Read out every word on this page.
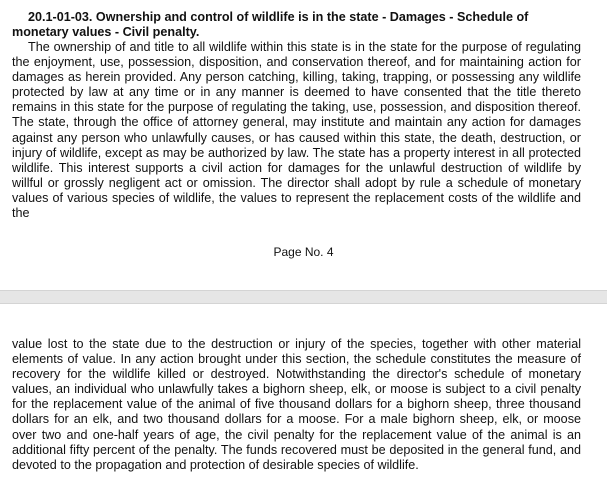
20.1-01-03. Ownership and control of wildlife is in the state - Damages - Schedule of monetary values - Civil penalty.
The ownership of and title to all wildlife within this state is in the state for the purpose of regulating the enjoyment, use, possession, disposition, and conservation thereof, and for maintaining action for damages as herein provided. Any person catching, killing, taking, trapping, or possessing any wildlife protected by law at any time or in any manner is deemed to have consented that the title thereto remains in this state for the purpose of regulating the taking, use, possession, and disposition thereof. The state, through the office of attorney general, may institute and maintain any action for damages against any person who unlawfully causes, or has caused within this state, the death, destruction, or injury of wildlife, except as may be authorized by law. The state has a property interest in all protected wildlife. This interest supports a civil action for damages for the unlawful destruction of wildlife by willful or grossly negligent act or omission. The director shall adopt by rule a schedule of monetary values of various species of wildlife, the values to represent the replacement costs of the wildlife and the
Page No. 4
value lost to the state due to the destruction or injury of the species, together with other material elements of value. In any action brought under this section, the schedule constitutes the measure of recovery for the wildlife killed or destroyed. Notwithstanding the director's schedule of monetary values, an individual who unlawfully takes a bighorn sheep, elk, or moose is subject to a civil penalty for the replacement value of the animal of five thousand dollars for a bighorn sheep, three thousand dollars for an elk, and two thousand dollars for a moose. For a male bighorn sheep, elk, or moose over two and one-half years of age, the civil penalty for the replacement value of the animal is an additional fifty percent of the penalty. The funds recovered must be deposited in the general fund, and devoted to the propagation and protection of desirable species of wildlife.
